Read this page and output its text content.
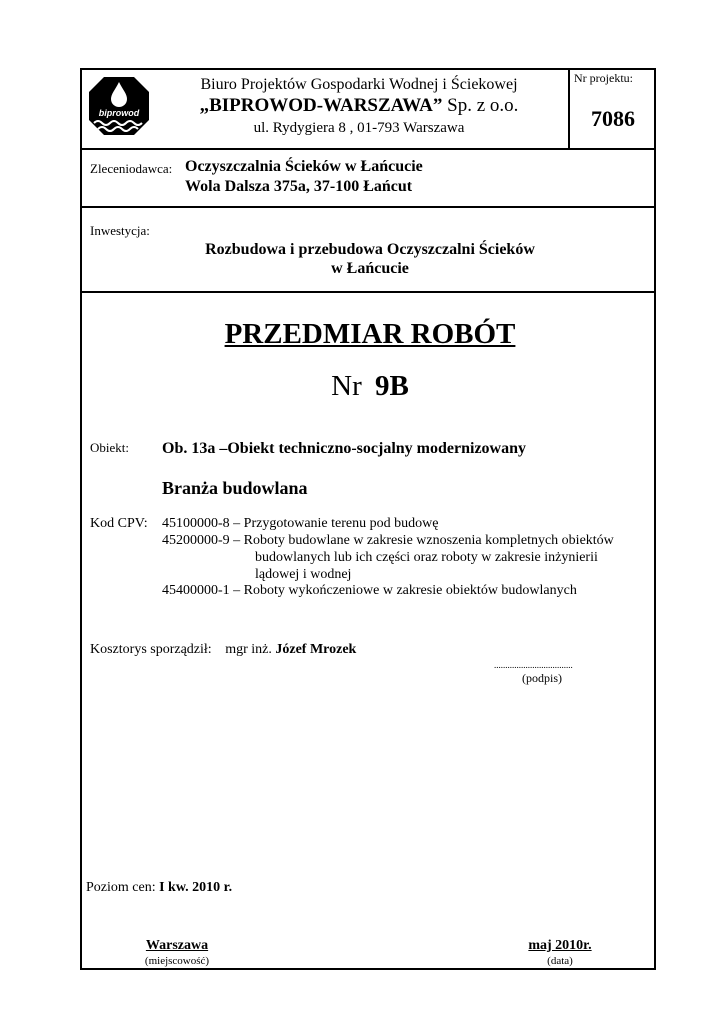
biprowod
Biuro Projektów Gospodarki Wodnej i Ściekowej
„BIPROWOD-WARSZAWA” Sp. z o.o.
ul. Rydygiera 8 , 01-793 Warszawa
Nr projektu:
7086
Zleceniodawca: Oczyszczalnia Ścieków w Łańcucie
Wola Dalsza 375a, 37-100 Łańcut
Inwestycja:
Rozbudowa i przebudowa Oczyszczalni Ścieków
w Łańcucie
PRZEDMIAR ROBÓT
Nr 9B
Obiekt: Ob. 13a –Obiekt techniczno-socjalny modernizowany
Branża budowlana
Kod CPV: 45100000-8 – Przygotowanie terenu pod budowę
45200000-9 – Roboty budowlane w zakresie wznoszenia kompletnych obiektów
budowlanych lub ich części oraz roboty w zakresie inżynierii
lądowej i wodnej
45400000-1 – Roboty wykończeniowe w zakresie obiektów budowlanych
Kosztorys sporządził: mgr inż. Józef Mrozek
...................................
(podpis)
Poziom cen: I kw. 2010 r.
Warszawa
(miejscowość)
maj 2010r.
(data)
